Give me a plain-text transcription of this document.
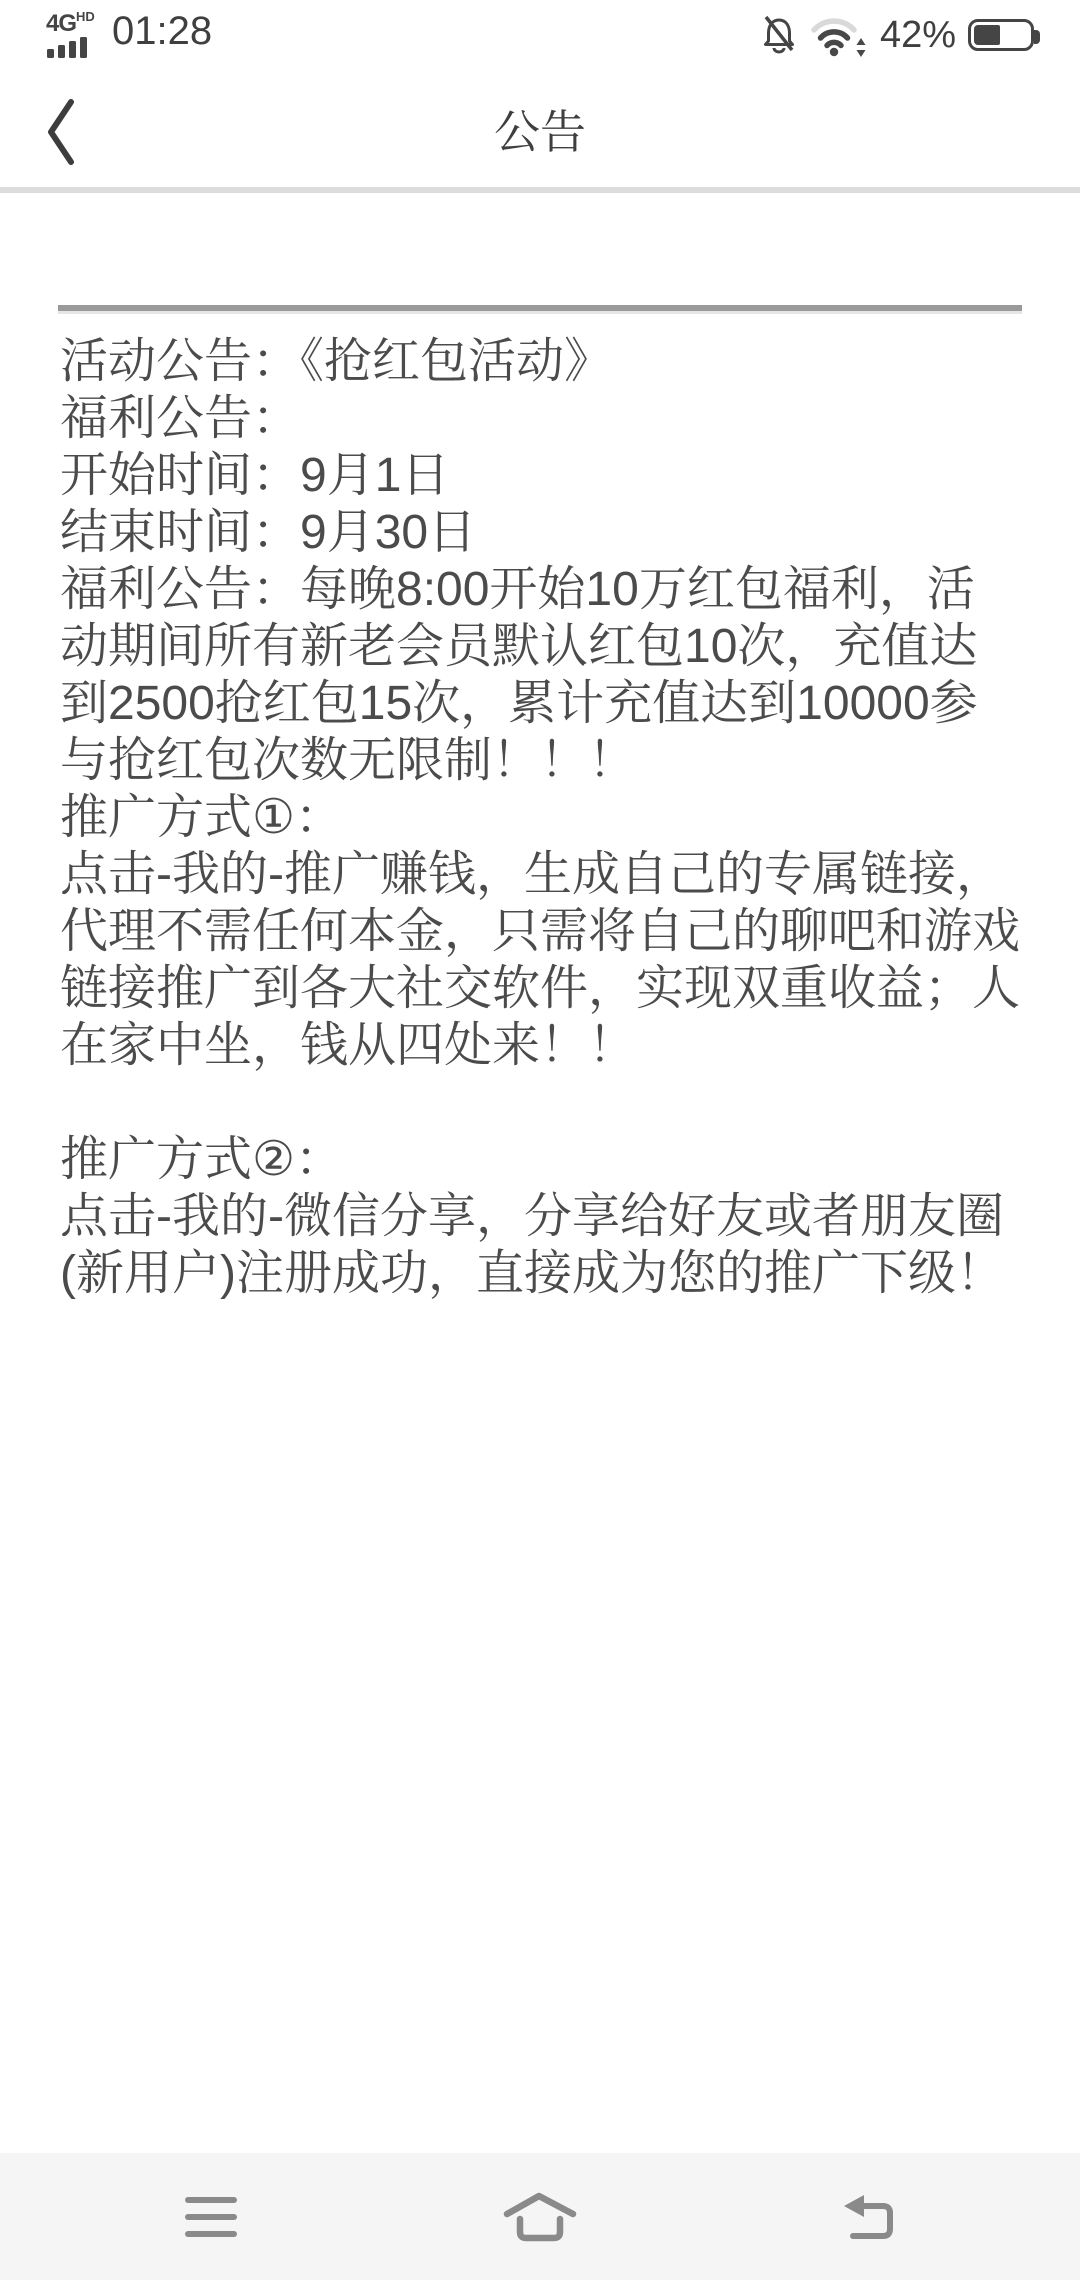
4G HD 01:28	42%
公告
活动公告：《抢红包活动》
福利公告：
开始时间：9月1日
结束时间：9月30日
福利公告：每晚8:00开始10万红包福利，活
动期间所有新老会员默认红包10次，充值达
到2500抢红包15次，累计充值达到10000参
与抢红包次数无限制！！！
推广方式①：
点击-我的-推广赚钱，生成自己的专属链接，
代理不需任何本金，只需将自己的聊吧和游戏
链接推广到各大社交软件，实现双重收益；人
在家中坐，钱从四处来！！

推广方式②：
点击-我的-微信分享，分享给好友或者朋友圈
(新用户)注册成功，直接成为您的推广下级！
